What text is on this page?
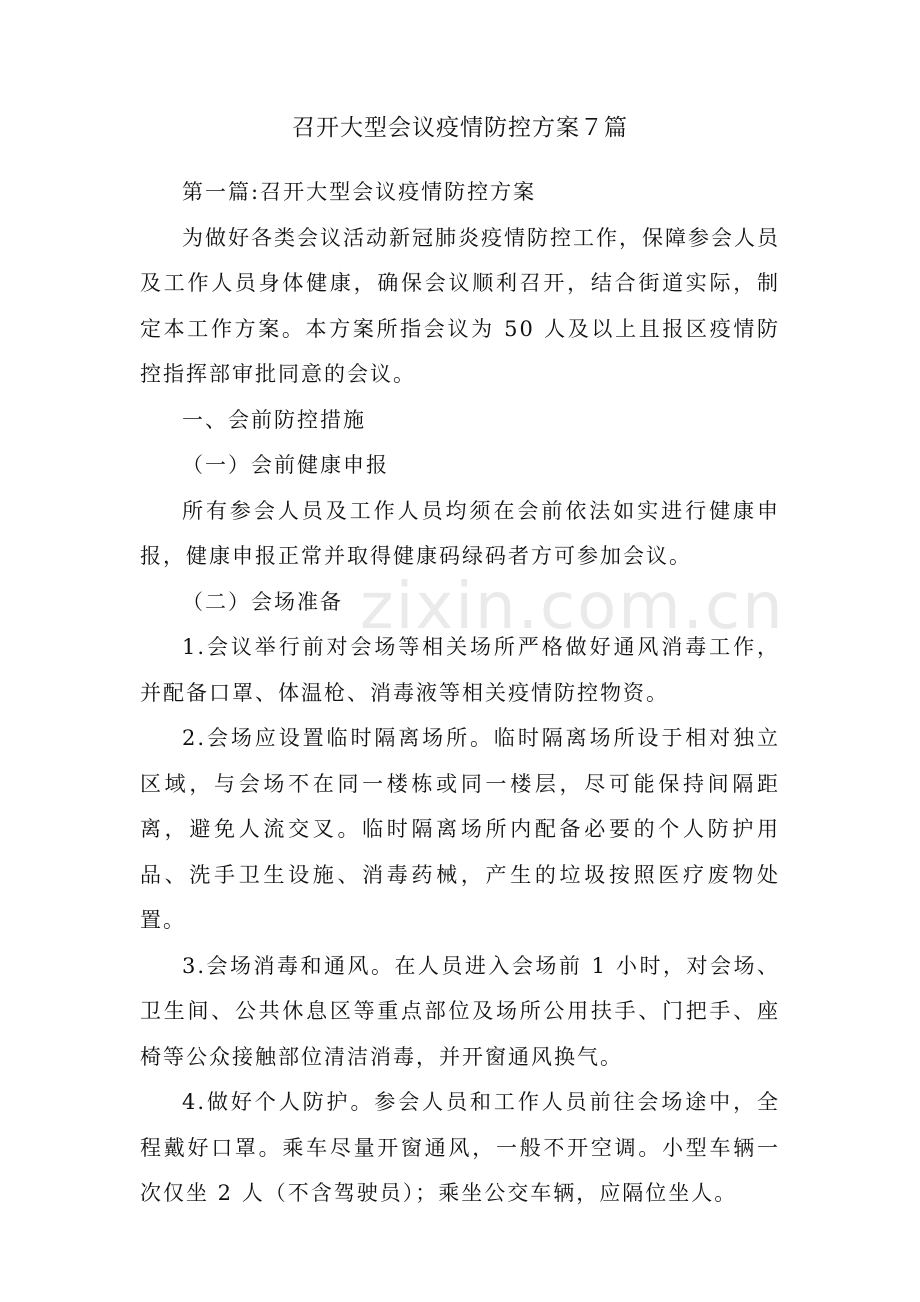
召开大型会议疫情防控方案７篇

第一篇:召开大型会议疫情防控方案

为做好各类会议活动新冠肺炎疫情防控工作，保障参会人员及工作人员身体健康，确保会议顺利召开，结合街道实际，制定本工作方案。本方案所指会议为 50 人及以上且报区疫情防控指挥部审批同意的会议。

一、会前防控措施

（一）会前健康申报

所有参会人员及工作人员均须在会前依法如实进行健康申报，健康申报正常并取得健康码绿码者方可参加会议。

（二）会场准备

1.会议举行前对会场等相关场所严格做好通风消毒工作，并配备口罩、体温枪、消毒液等相关疫情防控物资。

2.会场应设置临时隔离场所。临时隔离场所设于相对独立区域，与会场不在同一楼栋或同一楼层，尽可能保持间隔距离，避免人流交叉。临时隔离场所内配备必要的个人防护用品、洗手卫生设施、消毒药械，产生的垃圾按照医疗废物处置。

3.会场消毒和通风。在人员进入会场前 1 小时，对会场、卫生间、公共休息区等重点部位及场所公用扶手、门把手、座椅等公众接触部位清洁消毒，并开窗通风换气。

4.做好个人防护。参会人员和工作人员前往会场途中，全程戴好口罩。乘车尽量开窗通风，一般不开空调。小型车辆一次仅坐 2 人（不含驾驶员）；乘坐公交车辆，应隔位坐人。

zixin.com.cn
